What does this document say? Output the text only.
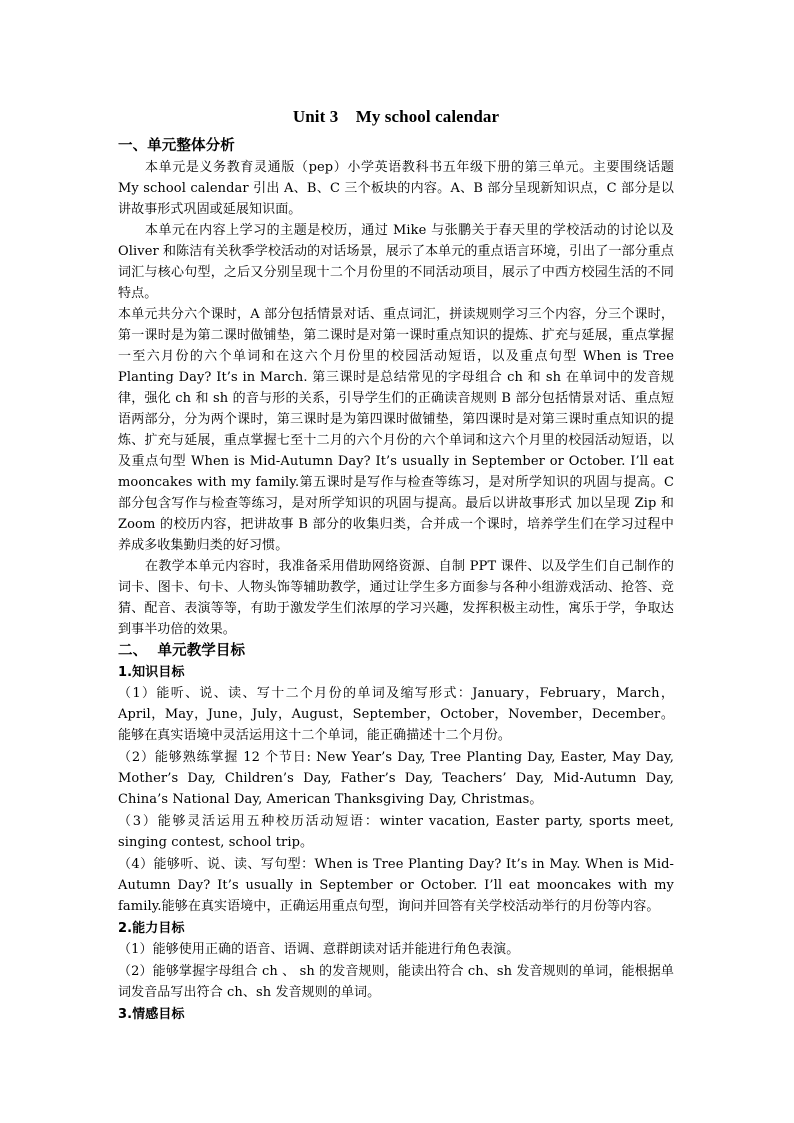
Unit 3    My school calendar
一、单元整体分析

本单元是义务教育灵通版（pep）小学英语教科书五年级下册的第三单元。主要围绕话题 My school calendar 引出 A、B、C 三个板块的内容。A、B 部分呈现新知识点，C 部分是以讲故事形式巩固或延展知识面。

本单元在内容上学习的主题是校历，通过 Mike 与张鹏关于春天里的学校活动的讨论以及 Oliver 和陈洁有关秋季学校活动的对话场景，展示了本单元的重点语言环境，引出了一部分重点词汇与核心句型，之后又分别呈现十二个月份里的不同活动项目，展示了中西方校园生活的不同特点。

本单元共分六个课时，A 部分包括情景对话、重点词汇，拼读规则学习三个内容，分三个课时，第一课时是为第二课时做铺垫，第二课时是对第一课时重点知识的提炼、扩充与延展，重点掌握一至六月份的六个单词和在这六个月份里的校园活动短语，以及重点句型 When is Tree Planting Day? It’s in March. 第三课时是总结常见的字母组合 ch 和 sh 在单词中的发音规律，强化 ch 和 sh 的音与形的关系，引导学生们的正确读音规则 B 部分包括情景对话、重点短语两部分，分为两个课时，第三课时是为第四课时做铺垫，第四课时是对第三课时重点知识的提炼、扩充与延展，重点掌握七至十二月的六个月份的六个单词和这六个月里的校园活动短语，以及重点句型 When is Mid-Autumn Day? It’s usually in September or October. I’ll eat mooncakes with my family.第五课时是写作与检查等练习，是对所学知识的巩固与提高。C 部分包含写作与检查等练习，是对所学知识的巩固与提高。最后以讲故事形式 加以呈现 Zip 和 Zoom 的校历内容，把讲故事 B 部分的收集归类，合并成一个课时，培养学生们在学习过程中养成多收集勤归类的好习惯。

在教学本单元内容时，我准备采用借助网络资源、自制 PPT 课件、以及学生们自己制作的词卡、图卡、句卡、人物头饰等辅助教学，通过让学生多方面参与各种小组游戏活动、抢答、竞猜、配音、表演等等，有助于激发学生们浓厚的学习兴趣，发挥积极主动性，寓乐于学，争取达到事半功倍的效果。

二、  单元教学目标
1.知识目标

（1）能听、说、读、写十二个月份的单词及缩写形式：January，February，March，April，May，June，July，August，September，October，November，December。能够在真实语境中灵活运用这十二个单词，能正确描述十二个月份。

（2）能够熟练掌握 12 个节日: New Year’s Day, Tree Planting Day, Easter, May Day, Mother’s Day, Children’s Day, Father’s Day, Teachers’ Day, Mid-Autumn Day, China’s National Day, American Thanksgiving Day, Christmas。

（3）能够灵活运用五种校历活动短语：winter vacation, Easter party, sports meet, singing contest, school trip。

（4）能够听、说、读、写句型：When is Tree Planting Day? It’s in May. When is Mid-Autumn Day? It’s usually in September or October. I’ll eat mooncakes with my family.能够在真实语境中，正确运用重点句型，询问并回答有关学校活动举行的月份等内容。

2.能力目标

（1）能够使用正确的语音、语调、意群朗读对话并能进行角色表演。

（2）能够掌握字母组合 ch 、 sh 的发音规则，能读出符合 ch、sh 发音规则的单词，能根据单词发音品写出符合 ch、sh 发音规则的单词。

3.情感目标
